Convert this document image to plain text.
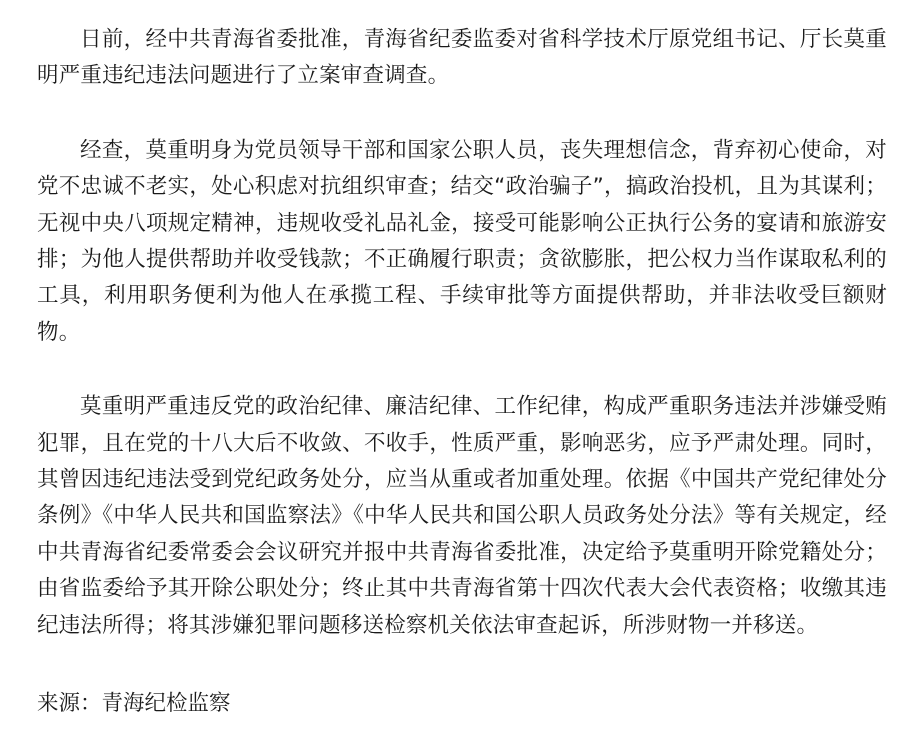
日前，经中共青海省委批准，青海省纪委监委对省科学技术厅原党组书记、厅长莫重明严重违纪违法问题进行了立案审查调查。

经查，莫重明身为党员领导干部和国家公职人员，丧失理想信念，背弃初心使命，对党不忠诚不老实，处心积虑对抗组织审查；结交“政治骗子”，搞政治投机，且为其谋利；无视中央八项规定精神，违规收受礼品礼金，接受可能影响公正执行公务的宴请和旅游安排；为他人提供帮助并收受钱款；不正确履行职责；贪欲膨胀，把公权力当作谋取私利的工具，利用职务便利为他人在承揽工程、手续审批等方面提供帮助，并非法收受巨额财物。

莫重明严重违反党的政治纪律、廉洁纪律、工作纪律，构成严重职务违法并涉嫌受贿犯罪，且在党的十八大后不收敛、不收手，性质严重，影响恶劣，应予严肃处理。同时，其曾因违纪违法受到党纪政务处分，应当从重或者加重处理。依据《中国共产党纪律处分条例》《中华人民共和国监察法》《中华人民共和国公职人员政务处分法》等有关规定，经中共青海省纪委常委会会议研究并报中共青海省委批准，决定给予莫重明开除党籍处分；由省监委给予其开除公职处分；终止其中共青海省第十四次代表大会代表资格；收缴其违纪违法所得；将其涉嫌犯罪问题移送检察机关依法审查起诉，所涉财物一并移送。

来源：青海纪检监察
